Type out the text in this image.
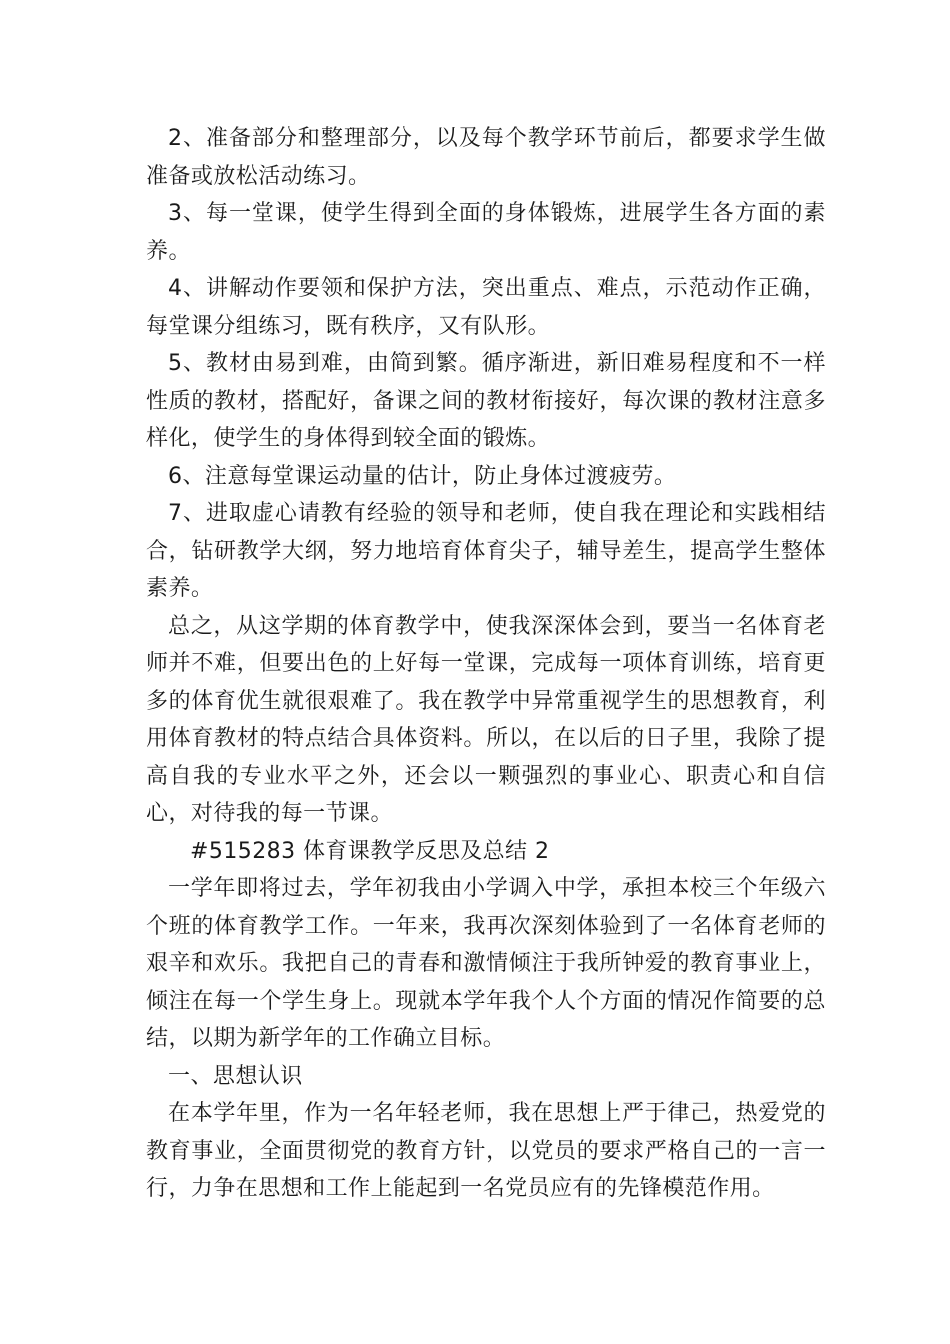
2、准备部分和整理部分，以及每个教学环节前后，都要求学生做准备或放松活动练习。

3、每一堂课，使学生得到全面的身体锻炼，进展学生各方面的素养。

4、讲解动作要领和保护方法，突出重点、难点，示范动作正确，每堂课分组练习，既有秩序，又有队形。

5、教材由易到难，由简到繁。循序渐进，新旧难易程度和不一样性质的教材，搭配好，备课之间的教材衔接好，每次课的教材注意多样化，使学生的身体得到较全面的锻炼。

6、注意每堂课运动量的估计，防止身体过渡疲劳。

7、进取虚心请教有经验的领导和老师，使自我在理论和实践相结合，钻研教学大纲，努力地培育体育尖子，辅导差生，提高学生整体素养。

总之，从这学期的体育教学中，使我深深体会到，要当一名体育老师并不难，但要出色的上好每一堂课，完成每一项体育训练，培育更多的体育优生就很艰难了。我在教学中异常重视学生的思想教育，利用体育教材的特点结合具体资料。所以，在以后的日子里，我除了提高自我的专业水平之外，还会以一颗强烈的事业心、职责心和自信心，对待我的每一节课。

#515283 体育课教学反思及总结 2

一学年即将过去，学年初我由小学调入中学，承担本校三个年级六个班的体育教学工作。一年来，我再次深刻体验到了一名体育老师的艰辛和欢乐。我把自己的青春和激情倾注于我所钟爱的教育事业上，倾注在每一个学生身上。现就本学年我个人个方面的情况作简要的总结，以期为新学年的工作确立目标。

一、思想认识

在本学年里，作为一名年轻老师，我在思想上严于律己，热爱党的教育事业，全面贯彻党的教育方针，以党员的要求严格自己的一言一行，力争在思想和工作上能起到一名党员应有的先锋模范作用。
